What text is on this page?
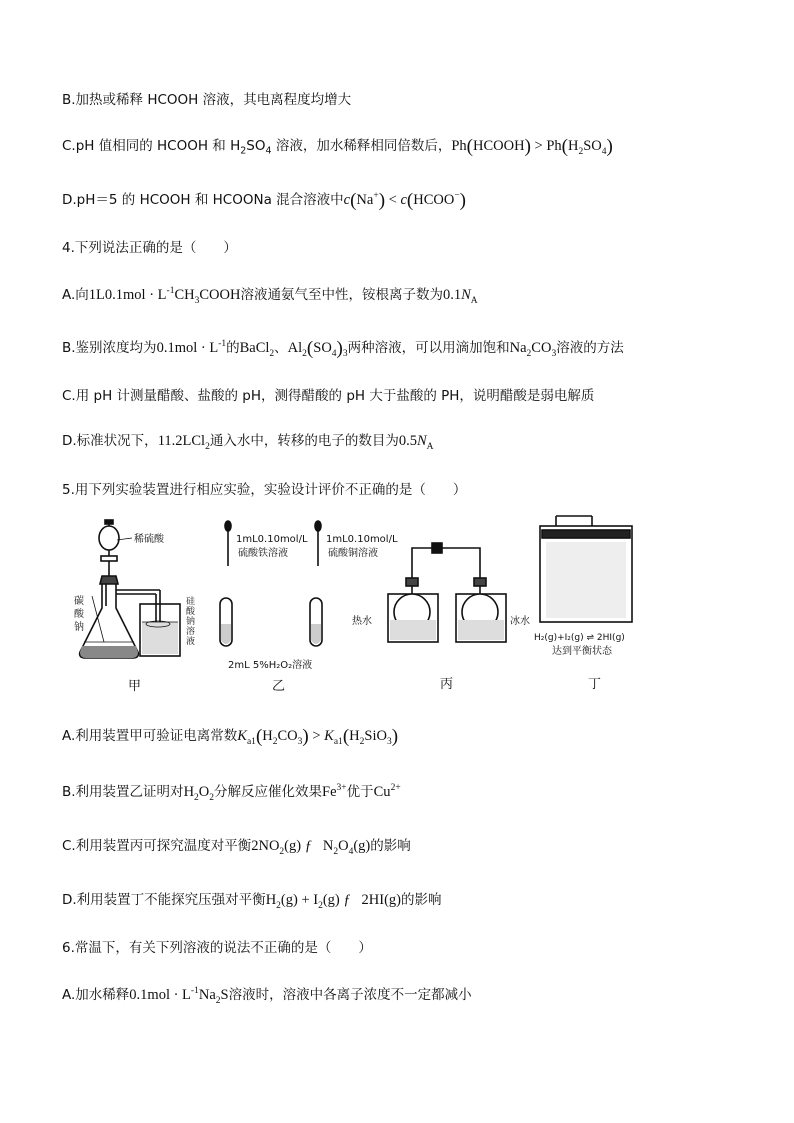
B.加热或稀释 HCOOH 溶液，其电离程度均增大
C.pH 值相同的 HCOOH 和 $H_2SO_4$ 溶液，加水稀释相同倍数后，Ph(HCOOH) > $Ph(H_2SO_4)$
D.pH＝5 的 HCOOH 和 HCOONa 混合溶液中c(Na+) < c(HCOO−)
4.下列说法正确的是（　　）
A.向$1L0.1mol \cdot L^{-1}CH_3COOH$溶液通氨气至中性，铵根离子数为$0.1N_A$
B.鉴别浓度均为$0.1mol \cdot L^{-1}$的BaCl$_2$、$Al_2(SO_4)_3$两种溶液，可以用滴加饱和$Na_2CO_3$溶液的方法
C.用 pH 计测量醋酸、盐酸的 pH，测得醋酸的 pH 大于盐酸的 PH，说明醋酸是弱电解质
D.标准状况下，11.2LCl$_2$通入水中，转移的电子的数目为$0.5N_A$
5.用下列实验装置进行相应实验，实验设计评价不正确的是（　　）
稀硫酸
碳酸钠
硅酸钠溶液
甲
1mL0.10mol/L
硫酸铁溶液
1mL0.10mol/L
硫酸铜溶液
2mL 5%H₂O₂溶液
乙
热水	冰水
丙
H₂(g)+I₂(g) ⇌ 2HI(g)
达到平衡状态
丁
A.利用装置甲可验证电离常数$K_{a1}(H_2CO_3) > K_{a1}(H_2SiO_3)$
B.利用装置乙证明对$H_2O_2$分解反应催化效果$Fe^{3+}$优于$Cu^{2+}$
C.利用装置丙可探究温度对平衡$2NO_2(g)$ ƒ $N_2O_4(g)$的影响
D.利用装置丁不能探究压强对平衡$H_2(g) + I_2(g)$ ƒ 2HI(g)的影响
6.常温下，有关下列溶液的说法不正确的是（　　）
A.加水稀释$0.1mol \cdot L^{-1}Na_2S$溶液时，溶液中各离子浓度不一定都减小
